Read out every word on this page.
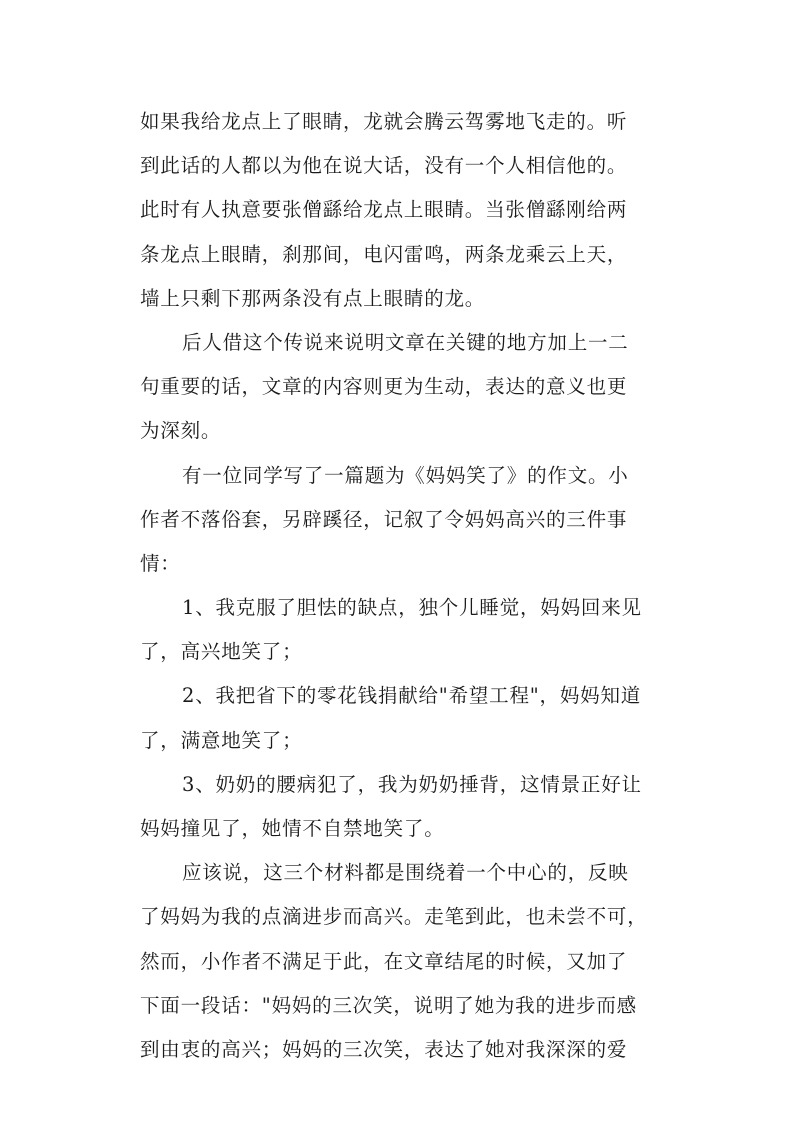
如果我给龙点上了眼睛，龙就会腾云驾雾地飞走的。听
到此话的人都以为他在说大话，没有一个人相信他的。
此时有人执意要张僧繇给龙点上眼睛。当张僧繇刚给两
条龙点上眼睛，刹那间，电闪雷鸣，两条龙乘云上天，
墙上只剩下那两条没有点上眼睛的龙。
后人借这个传说来说明文章在关键的地方加上一二
句重要的话，文章的内容则更为生动，表达的意义也更
为深刻。
有一位同学写了一篇题为《妈妈笑了》的作文。小
作者不落俗套，另辟蹊径，记叙了令妈妈高兴的三件事
情：
1、我克服了胆怯的缺点，独个儿睡觉，妈妈回来见
了，高兴地笑了；
2、我把省下的零花钱捐献给"希望工程"，妈妈知道
了，满意地笑了；
3、奶奶的腰病犯了，我为奶奶捶背，这情景正好让
妈妈撞见了，她情不自禁地笑了。
应该说，这三个材料都是围绕着一个中心的，反映
了妈妈为我的点滴进步而高兴。走笔到此，也未尝不可，
然而，小作者不满足于此，在文章结尾的时候，又加了
下面一段话："妈妈的三次笑，说明了她为我的进步而感
到由衷的高兴；妈妈的三次笑，表达了她对我深深的爱
